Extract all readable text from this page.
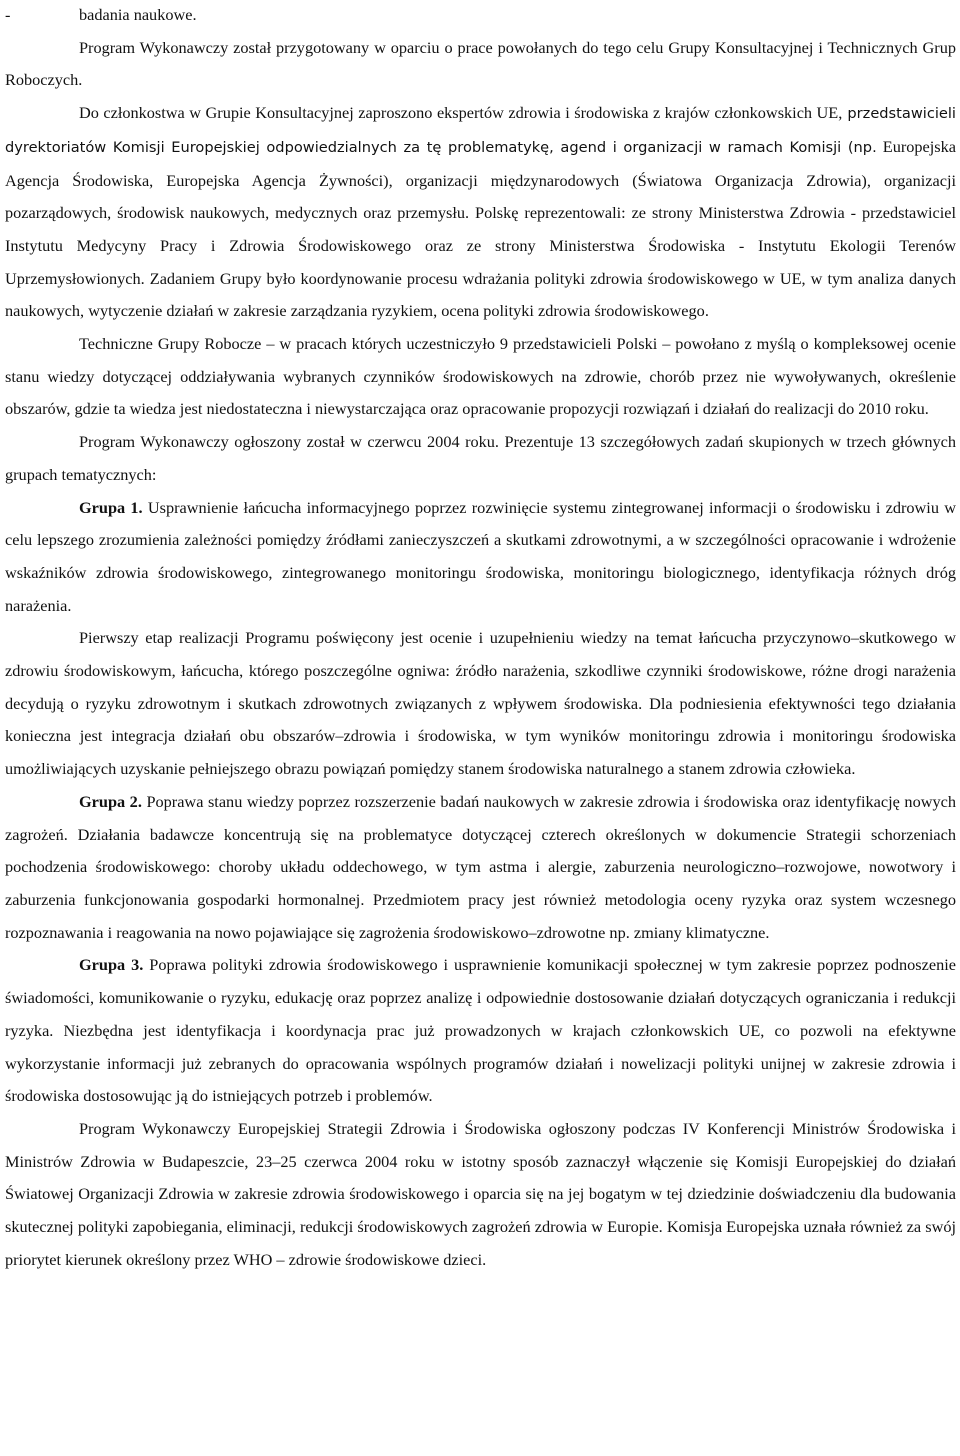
-	badania naukowe.

Program Wykonawczy został przygotowany w oparciu o prace powołanych do tego celu Grupy Konsultacyjnej i Technicznych Grup Roboczych.

Do członkostwa w Grupie Konsultacyjnej zaproszono ekspertów zdrowia i środowiska z krajów członkowskich UE, przedstawicieli dyrektoriatów Komisji Europejskiej odpowiedzialnych za tę problematykę, agend i organizacji w ramach Komisji (np. Europejska Agencja Środowiska, Europejska Agencja Żywności), organizacji międzynarodowych (Światowa Organizacja Zdrowia), organizacji pozarządowych, środowisk naukowych, medycznych oraz przemysłu. Polskę reprezentowali: ze strony Ministerstwa Zdrowia - przedstawiciel Instytutu Medycyny Pracy i Zdrowia Środowiskowego oraz ze strony Ministerstwa Środowiska - Instytutu Ekologii Terenów Uprzemysłowionych. Zadaniem Grupy było koordynowanie procesu wdrażania polityki zdrowia środowiskowego w UE, w tym analiza danych naukowych, wytyczenie działań w zakresie zarządzania ryzykiem, ocena polityki zdrowia środowiskowego.

Techniczne Grupy Robocze – w pracach których uczestniczyło 9 przedstawicieli Polski – powołano z myślą o kompleksowej ocenie stanu wiedzy dotyczącej oddziaływania wybranych czynników środowiskowych na zdrowie, chorób przez nie wywoływanych, określenie obszarów, gdzie ta wiedza jest niedostateczna i niewystarczająca oraz opracowanie propozycji rozwiązań i działań do realizacji do 2010 roku.

Program Wykonawczy ogłoszony został w czerwcu 2004 roku. Prezentuje 13 szczegółowych zadań skupionych w trzech głównych grupach tematycznych:

Grupa 1. Usprawnienie łańcucha informacyjnego poprzez rozwinięcie systemu zintegrowanej informacji o środowisku i zdrowiu w celu lepszego zrozumienia zależności pomiędzy źródłami zanieczyszczeń a skutkami zdrowotnymi, a w szczególności opracowanie i wdrożenie wskaźników zdrowia środowiskowego, zintegrowanego monitoringu środowiska, monitoringu biologicznego, identyfikacja różnych dróg narażenia.

Pierwszy etap realizacji Programu poświęcony jest ocenie i uzupełnieniu wiedzy na temat łańcucha przyczynowo–skutkowego w zdrowiu środowiskowym, łańcucha, którego poszczególne ogniwa: źródło narażenia, szkodliwe czynniki środowiskowe, różne drogi narażenia decydują o ryzyku zdrowotnym i skutkach zdrowotnych związanych z wpływem środowiska. Dla podniesienia efektywności tego działania konieczna jest integracja działań obu obszarów–zdrowia i środowiska, w tym wyników monitoringu zdrowia i monitoringu środowiska umożliwiających uzyskanie pełniejszego obrazu powiązań pomiędzy stanem środowiska naturalnego a stanem zdrowia człowieka.

Grupa 2. Poprawa stanu wiedzy poprzez rozszerzenie badań naukowych w zakresie zdrowia i środowiska oraz identyfikację nowych zagrożeń. Działania badawcze koncentrują się na problematyce dotyczącej czterech określonych w dokumencie Strategii schorzeniach pochodzenia środowiskowego: choroby układu oddechowego, w tym astma i alergie, zaburzenia neurologiczno–rozwojowe, nowotwory i zaburzenia funkcjonowania gospodarki hormonalnej. Przedmiotem pracy jest również metodologia oceny ryzyka oraz system wczesnego rozpoznawania i reagowania na nowo pojawiające się zagrożenia środowiskowo–zdrowotne np. zmiany klimatyczne.

Grupa 3. Poprawa polityki zdrowia środowiskowego i usprawnienie komunikacji społecznej w tym zakresie poprzez podnoszenie świadomości, komunikowanie o ryzyku, edukację oraz poprzez analizę i odpowiednie dostosowanie działań dotyczących ograniczania i redukcji ryzyka. Niezbędna jest identyfikacja i koordynacja prac już prowadzonych w krajach członkowskich UE, co pozwoli na efektywne wykorzystanie informacji już zebranych do opracowania wspólnych programów działań i nowelizacji polityki unijnej w zakresie zdrowia i środowiska dostosowując ją do istniejących potrzeb i problemów.

Program Wykonawczy Europejskiej Strategii Zdrowia i Środowiska ogłoszony podczas IV Konferencji Ministrów Środowiska i Ministrów Zdrowia w Budapeszcie, 23–25 czerwca 2004 roku w istotny sposób zaznaczył włączenie się Komisji Europejskiej do działań Światowej Organizacji Zdrowia w zakresie zdrowia środowiskowego i oparcia się na jej bogatym w tej dziedzinie doświadczeniu dla budowania skutecznej polityki zapobiegania, eliminacji, redukcji środowiskowych zagrożeń zdrowia w Europie. Komisja Europejska uznała również za swój priorytet kierunek określony przez WHO – zdrowie środowiskowe dzieci.
